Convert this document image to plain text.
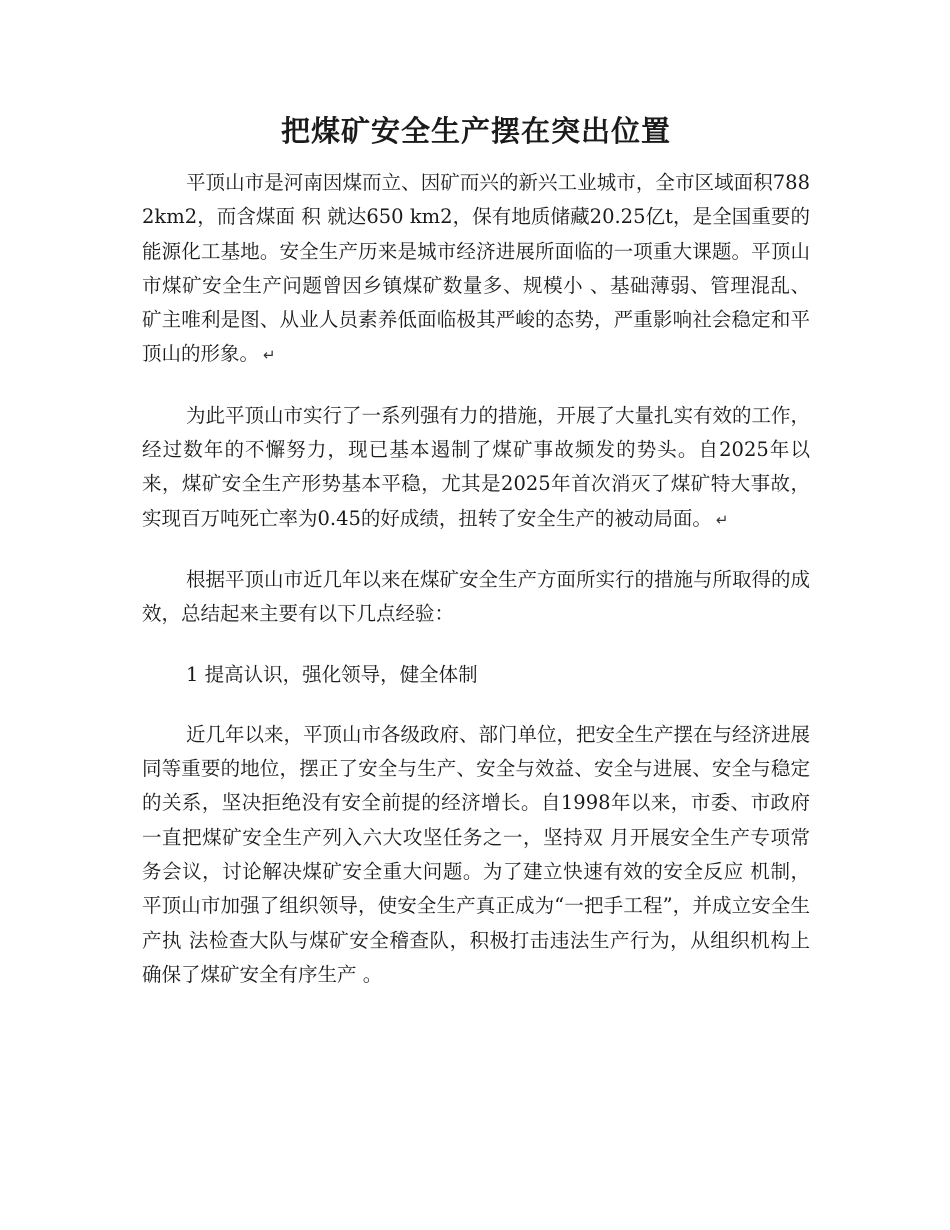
把煤矿安全生产摆在突出位置

平顶山市是河南因煤而立、因矿而兴的新兴工业城市，全市区域面积7882km2，而含煤面 积 就达650 km2，保有地质储藏20.25亿t，是全国重要的能源化工基地。安全生产历来是城市经济进展所面临的一项重大课题。平顶山市煤矿安全生产问题曾因乡镇煤矿数量多、规模小 、基础薄弱、管理混乱、矿主唯利是图、从业人员素养低面临极其严峻的态势，严重影响社会稳定和平顶山的形象。 ↵

为此平顶山市实行了一系列强有力的措施，开展了大量扎实有效的工作，经过数年的不懈努力，现已基本遏制了煤矿事故频发的势头。自2025年以来，煤矿安全生产形势基本平稳，尤其是2025年首次消灭了煤矿特大事故，实现百万吨死亡率为0.45的好成绩，扭转了安全生产的被动局面。 ↵

根据平顶山市近几年以来在煤矿安全生产方面所实行的措施与所取得的成效，总结起来主要有以下几点经验：

1 提高认识，强化领导，健全体制

近几年以来，平顶山市各级政府、部门单位，把安全生产摆在与经济进展同等重要的地位，摆正了安全与生产、安全与效益、安全与进展、安全与稳定的关系，坚决拒绝没有安全前提的经济增长。自1998年以来，市委、市政府一直把煤矿安全生产列入六大攻坚任务之一，坚持双 月开展安全生产专项常务会议，讨论解决煤矿安全重大问题。为了建立快速有效的安全反应 机制，平顶山市加强了组织领导，使安全生产真正成为“一把手工程”，并成立安全生产执 法检查大队与煤矿安全稽查队，积极打击违法生产行为，从组织机构上确保了煤矿安全有序生产 。
